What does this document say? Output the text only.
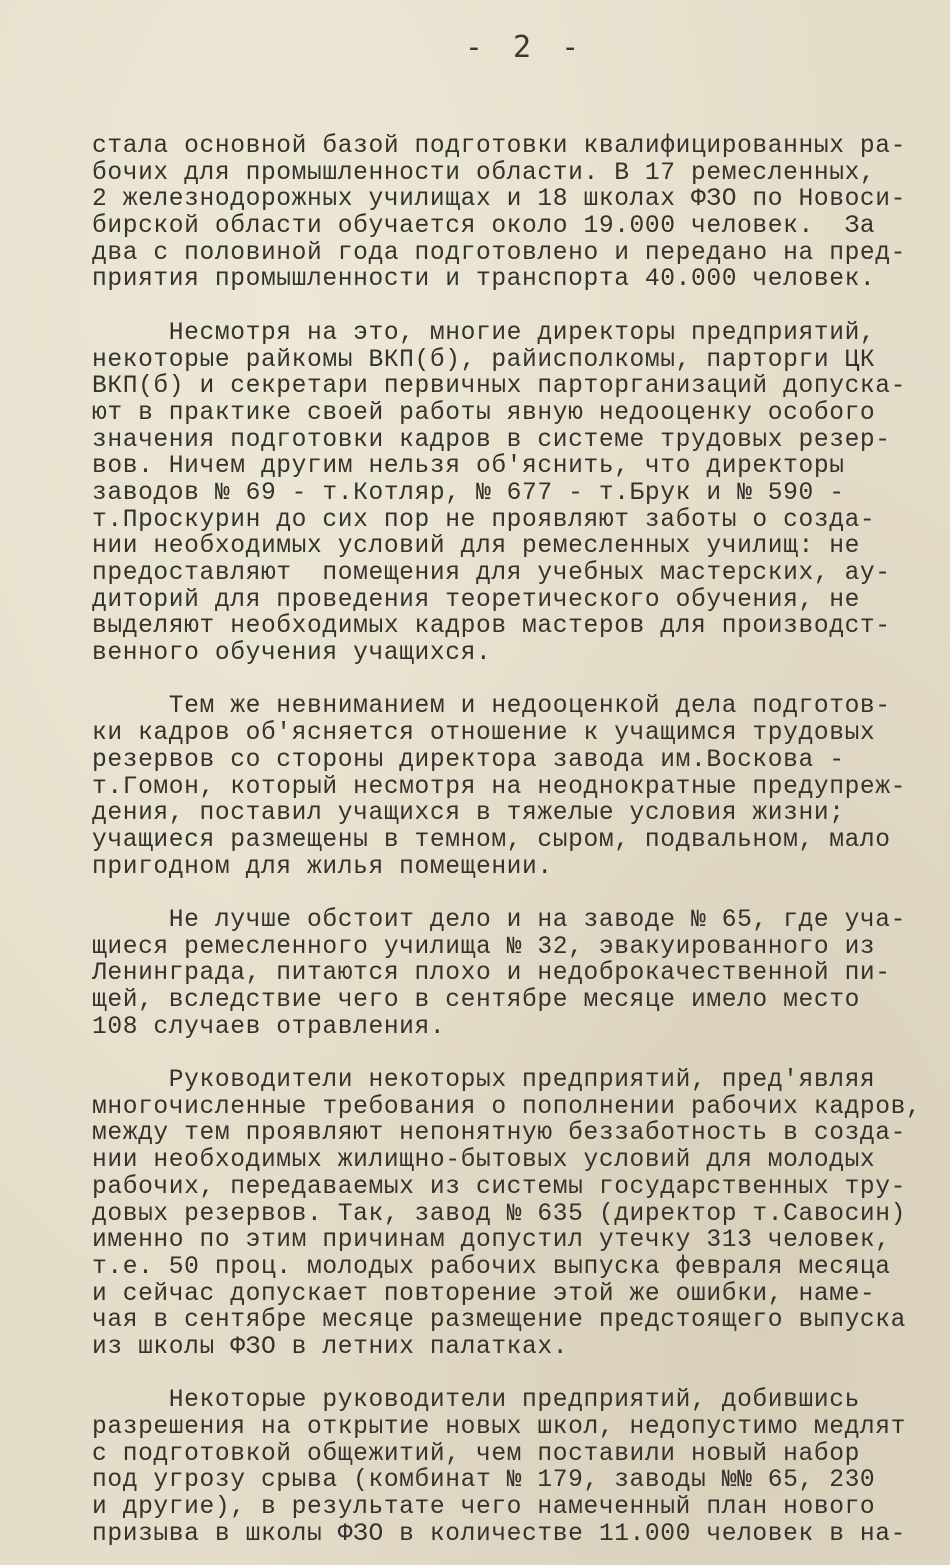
- 2 -
стала основной базой подготовки квалифицированных ра-
бочих для промышленности области. В 17 ремесленных,
2 железнодорожных училищах и 18 школах ФЗО по Новоси-
бирской области обучается около 19.000 человек.  За
два с половиной года подготовлено и передано на пред-
приятия промышленности и транспорта 40.000 человек.
Несмотря на это, многие директоры предприятий,
некоторые райкомы ВКП(б), райисполкомы, парторги ЦК
ВКП(б) и секретари первичных парторганизаций допуска-
ют в практике своей работы явную недооценку особого
значения подготовки кадров в системе трудовых резер-
вов. Ничем другим нельзя об'яснить, что директоры
заводов № 69 - т.Котляр, № 677 - т.Брук и № 590 -
т.Проскурин до сих пор не проявляют заботы о созда-
нии необходимых условий для ремесленных училищ: не
предоставляют  помещения для учебных мастерских, ау-
диторий для проведения теоретического обучения, не
выделяют необходимых кадров мастеров для производст-
венного обучения учащихся.
Тем же невниманием и недооценкой дела подготов-
ки кадров об'ясняется отношение к учащимся трудовых
резервов со стороны директора завода им.Воскова -
т.Гомон, который несмотря на неоднократные предупреж-
дения, поставил учащихся в тяжелые условия жизни;
учащиеся размещены в темном, сыром, подвальном, мало
пригодном для жилья помещении.
Не лучше обстоит дело и на заводе № 65, где уча-
щиеся ремесленного училища № 32, эвакуированного из
Ленинграда, питаются плохо и недоброкачественной пи-
щей, вследствие чего в сентябре месяце имело место
108 случаев отравления.
Руководители некоторых предприятий, пред'являя
многочисленные требования о пополнении рабочих кадров,
между тем проявляют непонятную беззаботность в созда-
нии необходимых жилищно-бытовых условий для молодых
рабочих, передаваемых из системы государственных тру-
довых резервов. Так, завод № 635 (директор т.Савосин)
именно по этим причинам допустил утечку 313 человек,
т.е. 50 проц. молодых рабочих выпуска февраля месяца
и сейчас допускает повторение этой же ошибки, наме-
чая в сентябре месяце размещение предстоящего выпуска
из школы ФЗО в летних палатках.
Некоторые руководители предприятий, добившись
разрешения на открытие новых школ, недопустимо медлят
с подготовкой общежитий, чем поставили новый набор
под угрозу срыва (комбинат № 179, заводы №№ 65, 230
и другие), в результате чего намеченный план нового
призыва в школы ФЗО в количестве 11.000 человек в на-
